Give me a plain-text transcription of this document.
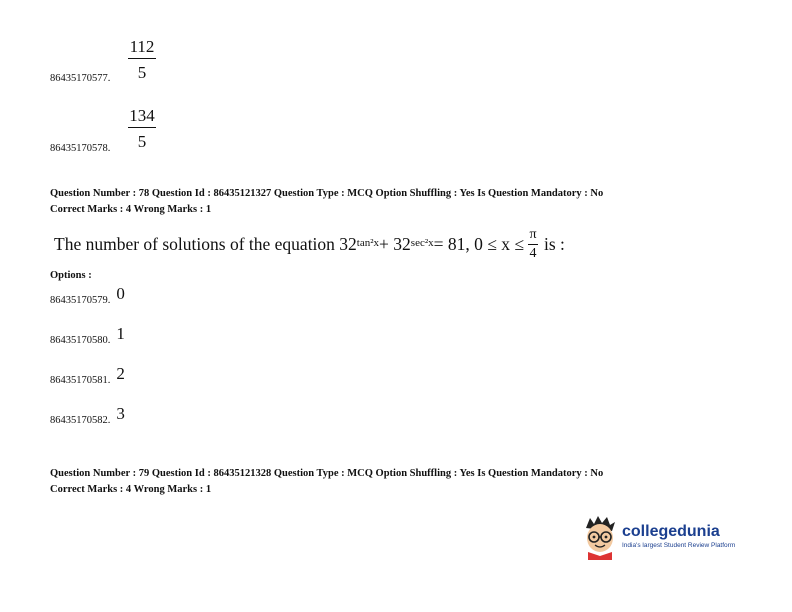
86435170577.
112
5
86435170578.
134
5
Question Number : 78 Question Id : 86435121327 Question Type : MCQ Option Shuffling : Yes Is Question Mandatory : No
Correct Marks : 4 Wrong Marks : 1
The number of solutions of the equation $32^{tan^2x} + 32^{sec^2x} = 81$, $0 \le x \le \frac{\pi}{4}$ is :
Options :
86435170579. 0
86435170580. 1
86435170581. 2
86435170582. 3
Question Number : 79 Question Id : 86435121328 Question Type : MCQ Option Shuffling : Yes Is Question Mandatory : No
Correct Marks : 4 Wrong Marks : 1
collegedunia
India's largest Student Review Platform
